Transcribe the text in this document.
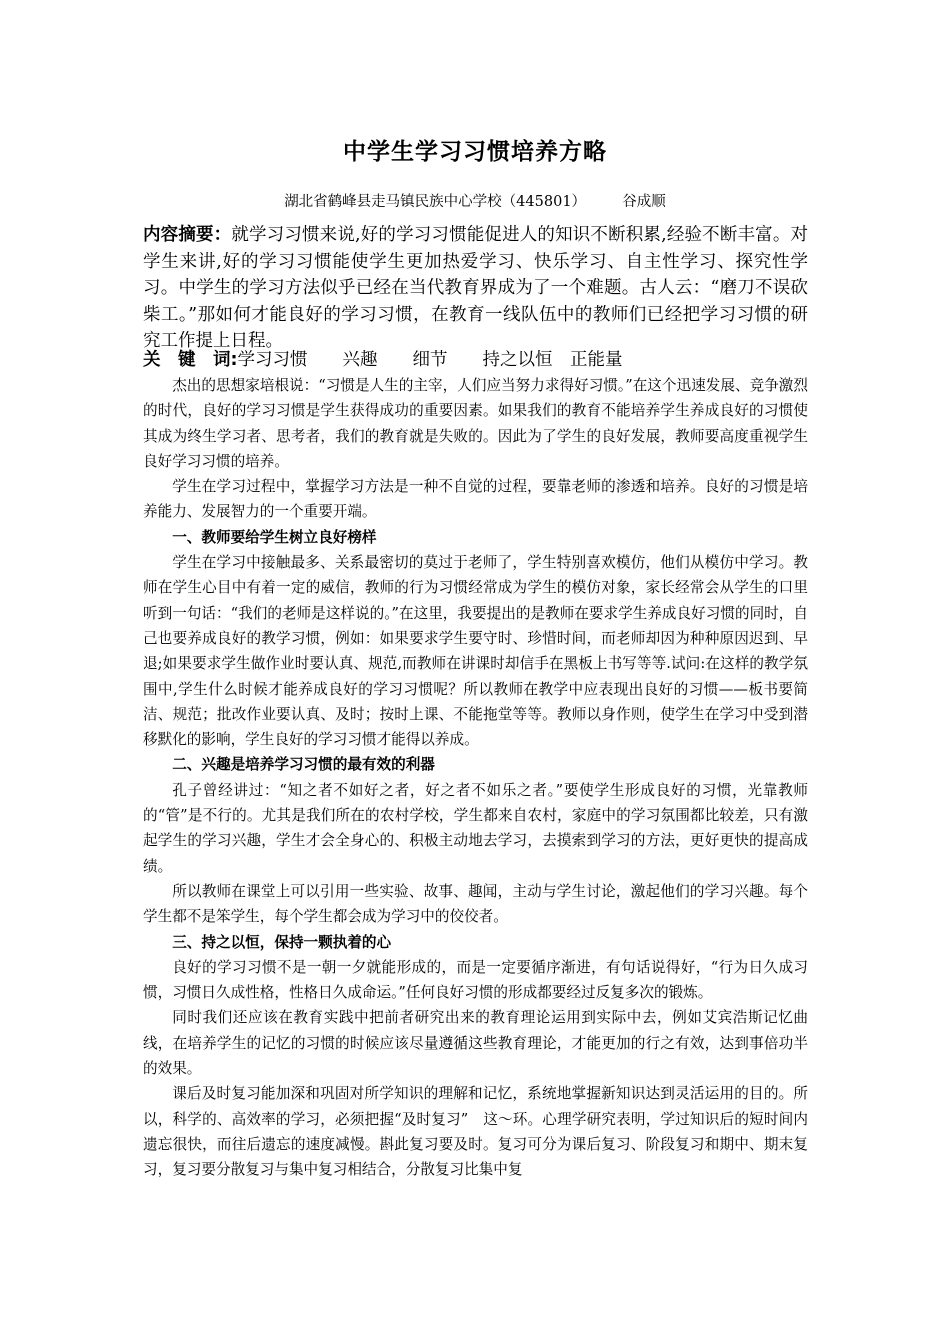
中学生学习习惯培养方略
湖北省鹤峰县走马镇民族中心学校（445801）　　　谷成顺
内容摘要：就学习习惯来说,好的学习习惯能促进人的知识不断积累,经验不断丰富。对学生来讲,好的学习习惯能使学生更加热爱学习、快乐学习、自主性学习、探究性学习。中学生的学习方法似乎已经在当代教育界成为了一个难题。古人云：“磨刀不误砍柴工。”那如何才能良好的学习习惯，在教育一线队伍中的教师们已经把学习习惯的研究工作提上日程。
关　键　词:学习习惯　　兴趣　　细节　　持之以恒　正能量

杰出的思想家培根说：“习惯是人生的主宰，人们应当努力求得好习惯。”在这个迅速发展、竞争激烈的时代，良好的学习习惯是学生获得成功的重要因素。如果我们的教育不能培养学生养成良好的习惯使其成为终生学习者、思考者，我们的教育就是失败的。因此为了学生的良好发展，教师要高度重视学生良好学习习惯的培养。

学生在学习过程中，掌握学习方法是一种不自觉的过程，要靠老师的渗透和培养。良好的习惯是培养能力、发展智力的一个重要开端。

一、教师要给学生树立良好榜样

学生在学习中接触最多、关系最密切的莫过于老师了，学生特别喜欢模仿，他们从模仿中学习。教师在学生心目中有着一定的威信，教师的行为习惯经常成为学生的模仿对象，家长经常会从学生的口里听到一句话：“我们的老师是这样说的。”在这里，我要提出的是教师在要求学生养成良好习惯的同时，自己也要养成良好的教学习惯，例如：如果要求学生要守时、珍惜时间，而老师却因为种种原因迟到、早退;如果要求学生做作业时要认真、规范,而教师在讲课时却信手在黑板上书写等等.试问:在这样的教学氛围中,学生什么时候才能养成良好的学习习惯呢？所以教师在教学中应表现出良好的习惯——板书要简洁、规范；批改作业要认真、及时；按时上课、不能拖堂等等。教师以身作则，使学生在学习中受到潜移默化的影响，学生良好的学习习惯才能得以养成。

二、兴趣是培养学习习惯的最有效的利器

孔子曾经讲过：“知之者不如好之者，好之者不如乐之者。”要使学生形成良好的习惯，光靠教师的“管”是不行的。尤其是我们所在的农村学校，学生都来自农村，家庭中的学习氛围都比较差，只有激起学生的学习兴趣，学生才会全身心的、积极主动地去学习，去摸索到学习的方法，更好更快的提高成绩。

所以教师在课堂上可以引用一些实验、故事、趣闻，主动与学生讨论，激起他们的学习兴趣。每个学生都不是笨学生，每个学生都会成为学习中的佼佼者。

三、持之以恒，保持一颗执着的心

良好的学习习惯不是一朝一夕就能形成的，而是一定要循序渐进，有句话说得好，“行为日久成习惯，习惯日久成性格，性格日久成命运。”任何良好习惯的形成都要经过反复多次的锻炼。

同时我们还应该在教育实践中把前者研究出来的教育理论运用到实际中去，例如艾宾浩斯记忆曲线，在培养学生的记忆的习惯的时候应该尽量遵循这些教育理论，才能更加的行之有效，达到事倍功半的效果。

课后及时复习能加深和巩固对所学知识的理解和记忆，系统地掌握新知识达到灵活运用的目的。所以，科学的、高效率的学习，必须把握“及时复习”　这～环。心理学研究表明，学过知识后的短时间内遗忘很快，而往后遗忘的速度减慢。斟此复习要及时。复习可分为课后复习、阶段复习和期中、期末复习，复习要分散复习与集中复习相结合，分散复习比集中复
